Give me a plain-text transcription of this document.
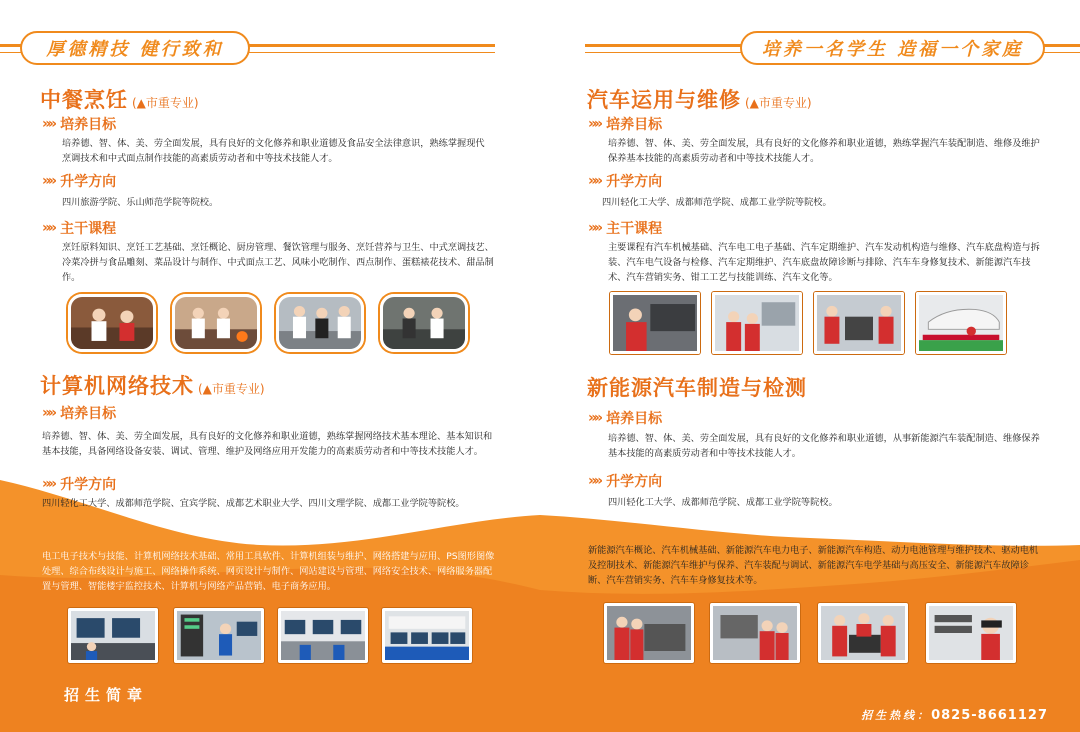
厚德精技 健行致和
中餐烹饪 (▲市重专业)
»» 培养目标
培养德、智、体、美、劳全面发展，具有良好的文化修养和职业道德及食品安全法律意识，熟练掌握现代烹调技术和中式面点制作技能的高素质劳动者和中等技术技能人才。
»» 升学方向
四川旅游学院、乐山师范学院等院校。
»» 主干课程
烹饪原料知识、烹饪工艺基础、烹饪概论、厨房管理、餐饮管理与服务、烹饪营养与卫生、中式烹调技艺、冷菜冷拼与食品雕刻、菜品设计与制作、中式面点工艺、风味小吃制作、西点制作、蛋糕裱花技术、甜品制作。
计算机网络技术 (▲市重专业)
»» 培养目标
培养德、智、体、美、劳全面发展，具有良好的文化修养和职业道德，熟练掌握网络技术基本理论、基本知识和基本技能，具备网络设备安装、调试、管理、维护及网络应用开发能力的高素质劳动者和中等技术技能人才。
»» 升学方向
四川轻化工大学、成都师范学院、宜宾学院、成都艺术职业大学、四川文理学院、成都工业学院等院校。
电工电子技术与技能、计算机网络技术基础、常用工具软件、计算机组装与维护、网络搭建与应用、PS图形图像处理、综合布线设计与施工、网络操作系统、网页设计与制作、网站建设与管理、网络安全技术、网络服务器配置与管理、智能楼宇监控技术、计算机与网络产品营销、电子商务应用。
招生简章
培养一名学生 造福一个家庭
汽车运用与维修 (▲市重专业)
»» 培养目标
培养德、智、体、美、劳全面发展，具有良好的文化修养和职业道德，熟练掌握汽车装配制造、维修及维护保养基本技能的高素质劳动者和中等技术技能人才。
»» 升学方向
四川轻化工大学、成都师范学院、成都工业学院等院校。
»» 主干课程
主要课程有汽车机械基础、汽车电工电子基础、汽车定期维护、汽车发动机构造与维修、汽车底盘构造与拆装、汽车电气设备与检修、汽车定期维护、汽车底盘故障诊断与排除、汽车车身修复技术、新能源汽车技术、汽车营销实务、钳工工艺与技能训练、汽车文化等。
新能源汽车制造与检测
»» 培养目标
培养德、智、体、美、劳全面发展，具有良好的文化修养和职业道德，从事新能源汽车装配制造、维修保养基本技能的高素质劳动者和中等技术技能人才。
»» 升学方向
四川轻化工大学、成都师范学院、成都工业学院等院校。
新能源汽车概论、汽车机械基础、新能源汽车电力电子、新能源汽车构造、动力电池管理与维护技术、驱动电机及控制技术、新能源汽车维护与保养、汽车装配与调试、新能源汽车电学基础与高压安全、新能源汽车故障诊断、汽车营销实务、汽车车身修复技术等。
招生热线：0825-8661127
